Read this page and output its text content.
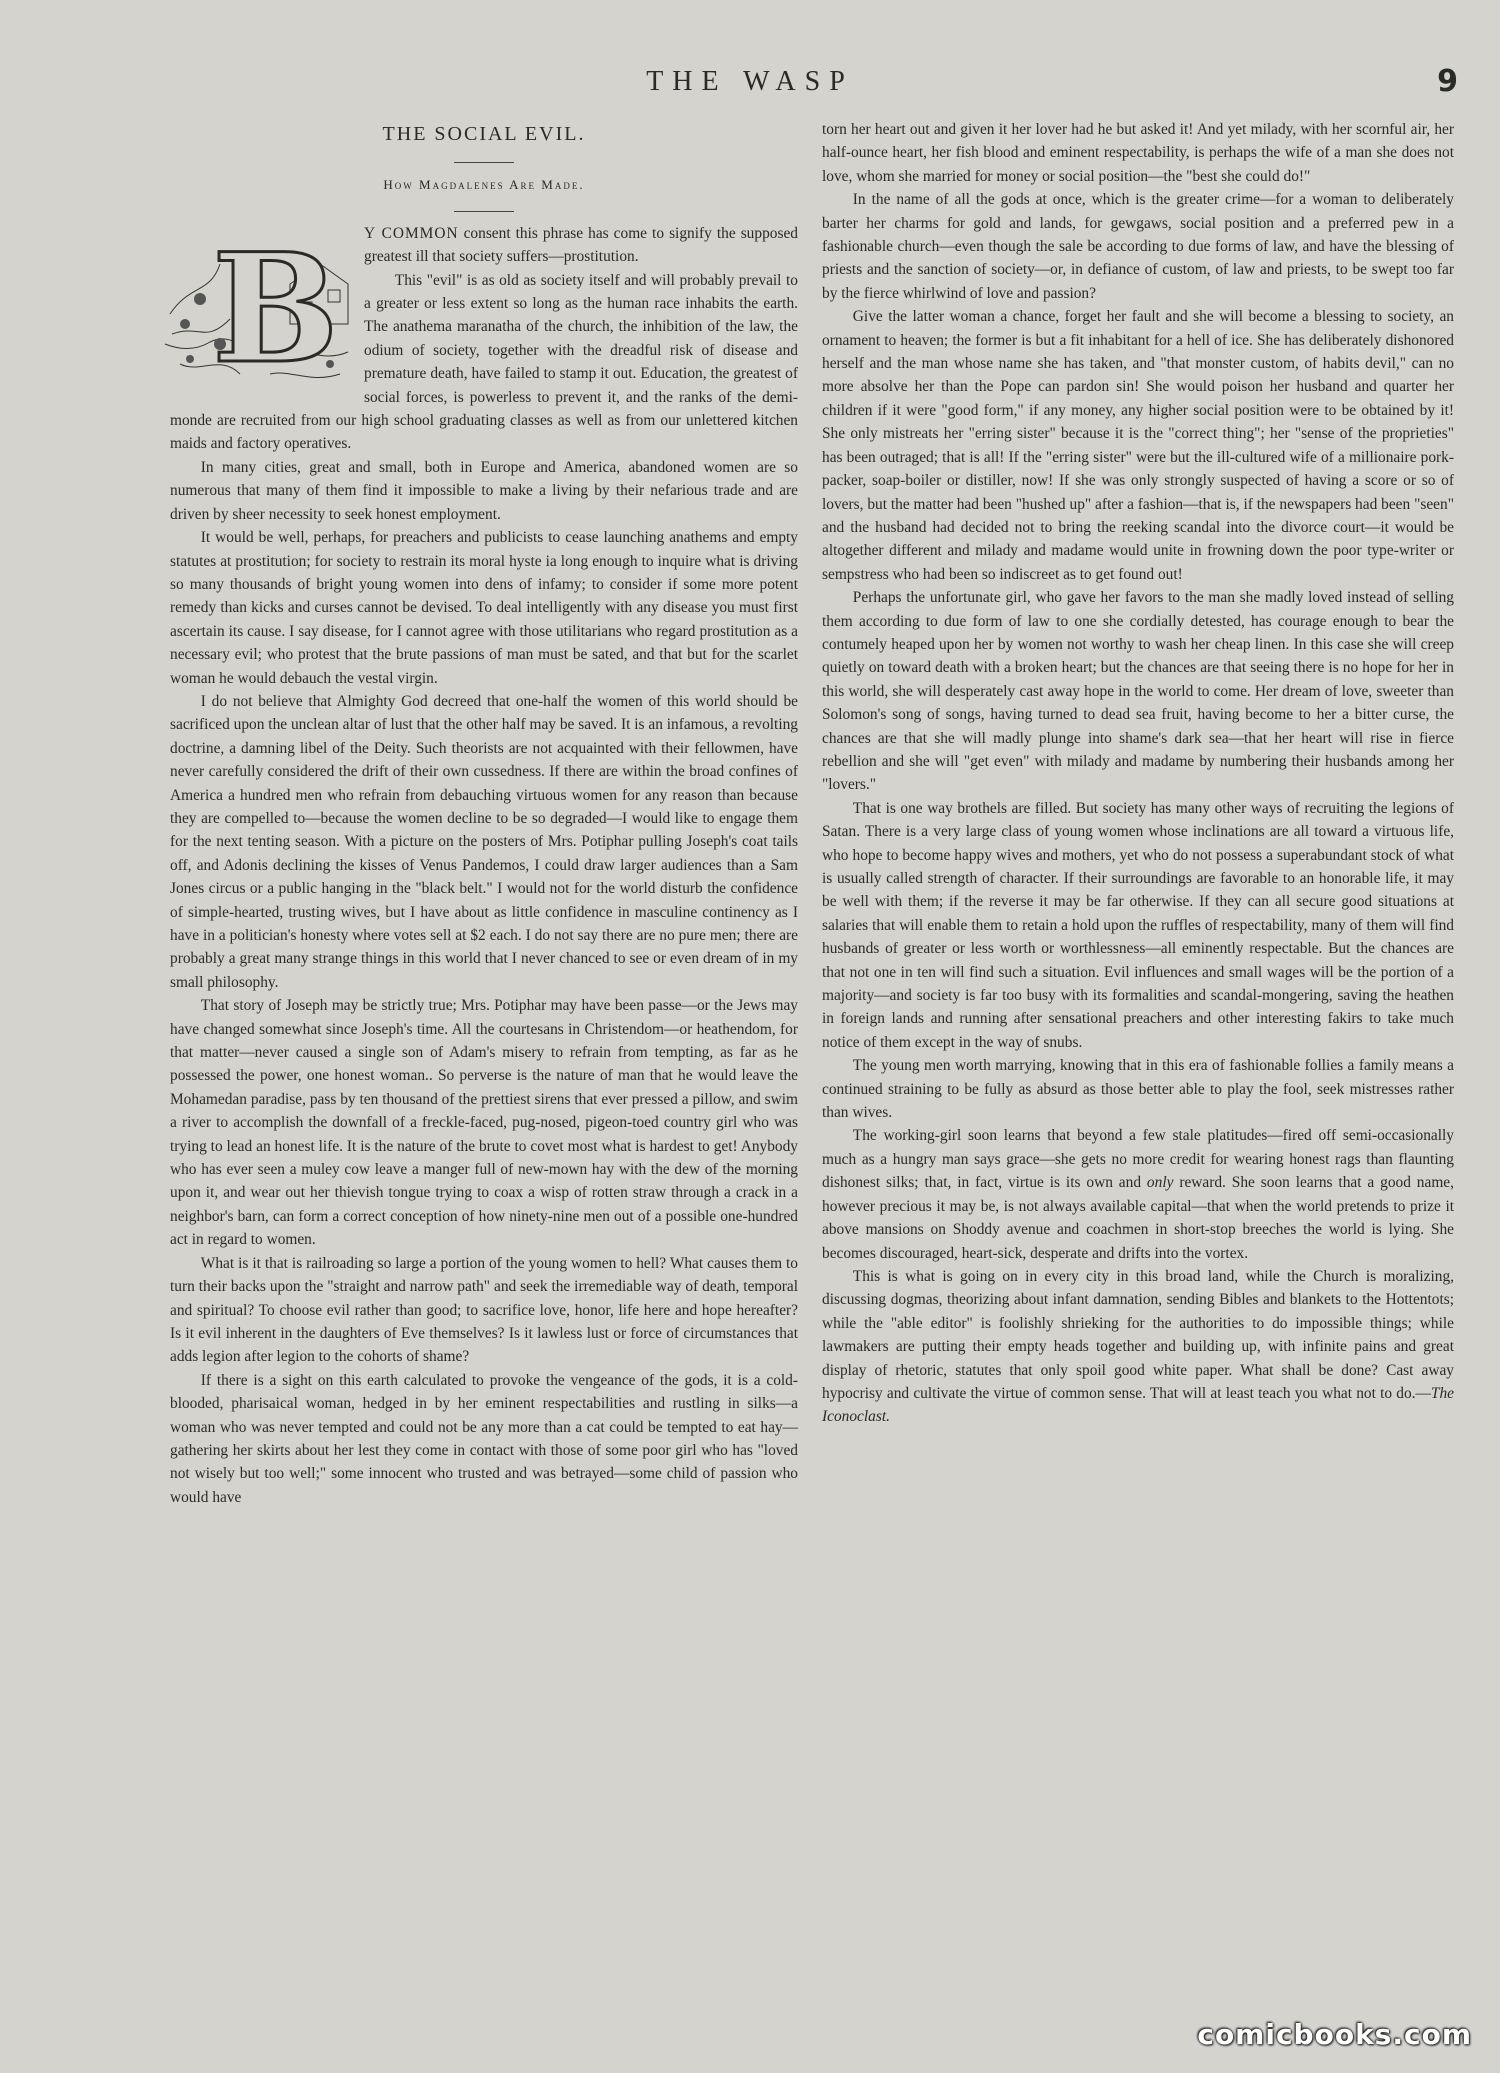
THE WASP	9
THE SOCIAL EVIL.
How Magdalenes Are Made.

B Y COMMON consent this phrase has come to signify the supposed greatest ill that society suffers—prostitution.

This "evil" is as old as society itself and will probably prevail to a greater or less extent so long as the human race inhabits the earth. The anathema maranatha of the church, the inhibition of the law, the odium of society, together with the dreadful risk of disease and premature death, have failed to stamp it out. Education, the greatest of social forces, is powerless to prevent it, and the ranks of the demi-monde are recruited from our high school graduating classes as well as from our unlettered kitchen maids and factory operatives.

In many cities, great and small, both in Europe and America, abandoned women are so numerous that many of them find it impossible to make a living by their nefarious trade and are driven by sheer necessity to seek honest employment.

It would be well, perhaps, for preachers and publicists to cease launching anathems and empty statutes at prostitution; for society to restrain its moral hyste ia long enough to inquire what is driving so many thousands of bright young women into dens of infamy; to consider if some more potent remedy than kicks and curses cannot be devised. To deal intelligently with any disease you must first ascertain its cause. I say disease, for I cannot agree with those utilitarians who regard prostitution as a necessary evil; who protest that the brute passions of man must be sated, and that but for the scarlet woman he would debauch the vestal virgin.

I do not believe that Almighty God decreed that one-half the women of this world should be sacrificed upon the unclean altar of lust that the other half may be saved. It is an infamous, a revolting doctrine, a damning libel of the Deity. Such theorists are not acquainted with their fellowmen, have never carefully considered the drift of their own cussedness. If there are within the broad confines of America a hundred men who refrain from debauching virtuous women for any reason than because they are compelled to—because the women decline to be so degraded—I would like to engage them for the next tenting season. With a picture on the posters of Mrs. Potiphar pulling Joseph's coat tails off, and Adonis declining the kisses of Venus Pandemos, I could draw larger audiences than a Sam Jones circus or a public hanging in the "black belt." I would not for the world disturb the confidence of simple-hearted, trusting wives, but I have about as little confidence in masculine continency as I have in a politician's honesty where votes sell at $2 each. I do not say there are no pure men; there are probably a great many strange things in this world that I never chanced to see or even dream of in my small philosophy.

That story of Joseph may be strictly true; Mrs. Potiphar may have been passe—or the Jews may have changed somewhat since Joseph's time. All the courtesans in Christendom—or heathendom, for that matter—never caused a single son of Adam's misery to refrain from tempting, as far as he possessed the power, one honest woman.. So perverse is the nature of man that he would leave the Mohamedan paradise, pass by ten thousand of the prettiest sirens that ever pressed a pillow, and swim a river to accomplish the downfall of a freckle-faced, pug-nosed, pigeon-toed country girl who was trying to lead an honest life. It is the nature of the brute to covet most what is hardest to get! Anybody who has ever seen a muley cow leave a manger full of new-mown hay with the dew of the morning upon it, and wear out her thievish tongue trying to coax a wisp of rotten straw through a crack in a neighbor's barn, can form a correct conception of how ninety-nine men out of a possible one-hundred act in regard to women.

What is it that is railroading so large a portion of the young women to hell? What causes them to turn their backs upon the "straight and narrow path" and seek the irremediable way of death, temporal and spiritual? To choose evil rather than good; to sacrifice love, honor, life here and hope hereafter? Is it evil inherent in the daughters of Eve themselves? Is it lawless lust or force of circumstances that adds legion after legion to the cohorts of shame?

If there is a sight on this earth calculated to provoke the vengeance of the gods, it is a cold-blooded, pharisaical woman, hedged in by her eminent respectabilities and rustling in silks—a woman who was never tempted and could not be any more than a cat could be tempted to eat hay—gathering her skirts about her lest they come in contact with those of some poor girl who has "loved not wisely but too well;" some innocent who trusted and was betrayed—some child of passion who would have

torn her heart out and given it her lover had he but asked it! And yet milady, with her scornful air, her half-ounce heart, her fish blood and eminent respectability, is perhaps the wife of a man she does not love, whom she married for money or social position—the "best she could do!"

In the name of all the gods at once, which is the greater crime—for a woman to deliberately barter her charms for gold and lands, for gewgaws, social position and a preferred pew in a fashionable church—even though the sale be according to due forms of law, and have the blessing of priests and the sanction of society—or, in defiance of custom, of law and priests, to be swept too far by the fierce whirlwind of love and passion?

Give the latter woman a chance, forget her fault and she will become a blessing to society, an ornament to heaven; the former is but a fit inhabitant for a hell of ice. She has deliberately dishonored herself and the man whose name she has taken, and "that monster custom, of habits devil," can no more absolve her than the Pope can pardon sin! She would poison her husband and quarter her children if it were "good form," if any money, any higher social position were to be obtained by it! She only mistreats her "erring sister" because it is the "correct thing"; her "sense of the proprieties" has been outraged; that is all! If the "erring sister" were but the ill-cultured wife of a millionaire pork-packer, soap-boiler or distiller, now! If she was only strongly suspected of having a score or so of lovers, but the matter had been "hushed up" after a fashion—that is, if the newspapers had been "seen" and the husband had decided not to bring the reeking scandal into the divorce court—it would be altogether different and milady and madame would unite in frowning down the poor type-writer or sempstress who had been so indiscreet as to get found out!

Perhaps the unfortunate girl, who gave her favors to the man she madly loved instead of selling them according to due form of law to one she cordially detested, has courage enough to bear the contumely heaped upon her by women not worthy to wash her cheap linen. In this case she will creep quietly on toward death with a broken heart; but the chances are that seeing there is no hope for her in this world, she will desperately cast away hope in the world to come. Her dream of love, sweeter than Solomon's song of songs, having turned to dead sea fruit, having become to her a bitter curse, the chances are that she will madly plunge into shame's dark sea—that her heart will rise in fierce rebellion and she will "get even" with milady and madame by numbering their husbands among her "lovers."

That is one way brothels are filled. But society has many other ways of recruiting the legions of Satan. There is a very large class of young women whose inclinations are all toward a virtuous life, who hope to become happy wives and mothers, yet who do not possess a superabundant stock of what is usually called strength of character. If their surroundings are favorable to an honorable life, it may be well with them; if the reverse it may be far otherwise. If they can all secure good situations at salaries that will enable them to retain a hold upon the ruffles of respectability, many of them will find husbands of greater or less worth or worthlessness—all eminently respectable. But the chances are that not one in ten will find such a situation. Evil influences and small wages will be the portion of a majority—and society is far too busy with its formalities and scandal-mongering, saving the heathen in foreign lands and running after sensational preachers and other interesting fakirs to take much notice of them except in the way of snubs.

The young men worth marrying, knowing that in this era of fashionable follies a family means a continued straining to be fully as absurd as those better able to play the fool, seek mistresses rather than wives.

The working-girl soon learns that beyond a few stale platitudes—fired off semi-occasionally much as a hungry man says grace—she gets no more credit for wearing honest rags than flaunting dishonest silks; that, in fact, virtue is its own and only reward. She soon learns that a good name, however precious it may be, is not always available capital—that when the world pretends to prize it above mansions on Shoddy avenue and coachmen in short-stop breeches the world is lying. She becomes discouraged, heart-sick, desperate and drifts into the vortex.

This is what is going on in every city in this broad land, while the Church is moralizing, discussing dogmas, theorizing about infant damnation, sending Bibles and blankets to the Hottentots; while the "able editor" is foolishly shrieking for the authorities to do impossible things; while lawmakers are putting their empty heads together and building up, with infinite pains and great display of rhetoric, statutes that only spoil good white paper. What shall be done? Cast away hypocrisy and cultivate the virtue of common sense. That will at least teach you what not to do.—The Iconoclast.

comicbooks.com
